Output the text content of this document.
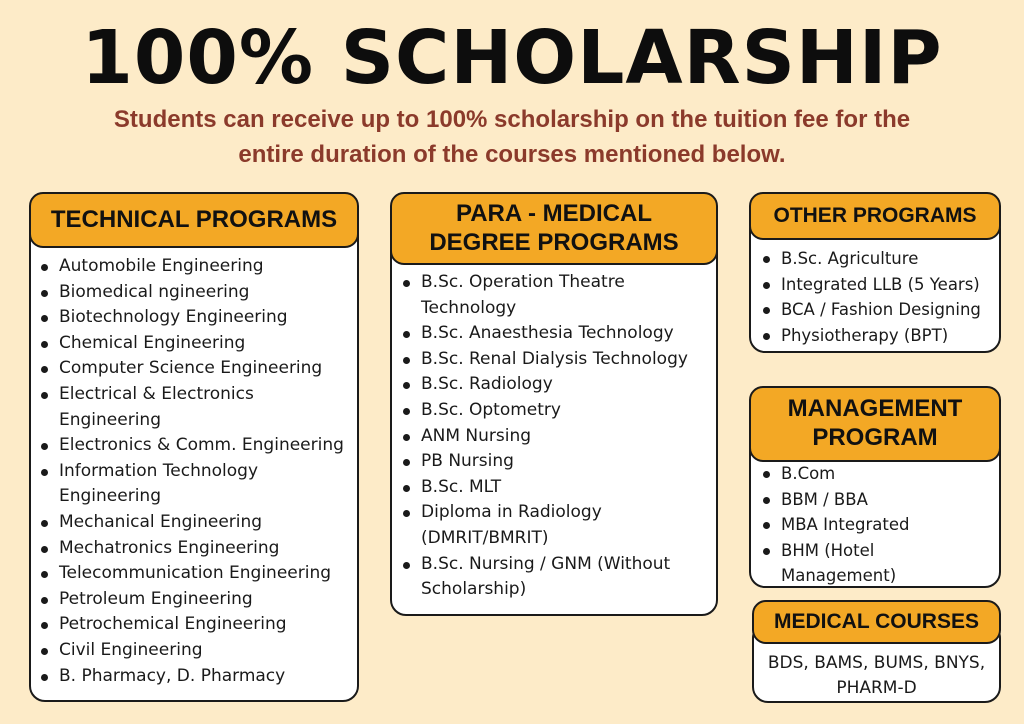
100% SCHOLARSHIP
Students can receive up to 100% scholarship on the tuition fee for the
entire duration of the courses mentioned below.
TECHNICAL PROGRAMS
Automobile Engineering
Biomedical ngineering
Biotechnology Engineering
Chemical Engineering
Computer Science Engineering
Electrical & Electronics Engineering
Electronics & Comm. Engineering
Information Technology Engineering
Mechanical Engineering
Mechatronics Engineering
Telecommunication Engineering
Petroleum Engineering
Petrochemical Engineering
Civil Engineering
B. Pharmacy, D. Pharmacy
PARA - MEDICAL
DEGREE PROGRAMS
B.Sc. Operation Theatre Technology
B.Sc. Anaesthesia Technology
B.Sc. Renal Dialysis Technology
B.Sc. Radiology
B.Sc. Optometry
ANM Nursing
PB Nursing
B.Sc. MLT
Diploma in Radiology (DMRIT/BMRIT)
B.Sc. Nursing / GNM (Without Scholarship)
OTHER PROGRAMS
B.Sc. Agriculture
Integrated LLB (5 Years)
BCA / Fashion Designing
Physiotherapy (BPT)
MANAGEMENT
PROGRAM
B.Com
BBM / BBA
MBA Integrated
BHM (Hotel Management)
MEDICAL COURSES
BDS, BAMS, BUMS, BNYS,
PHARM-D
